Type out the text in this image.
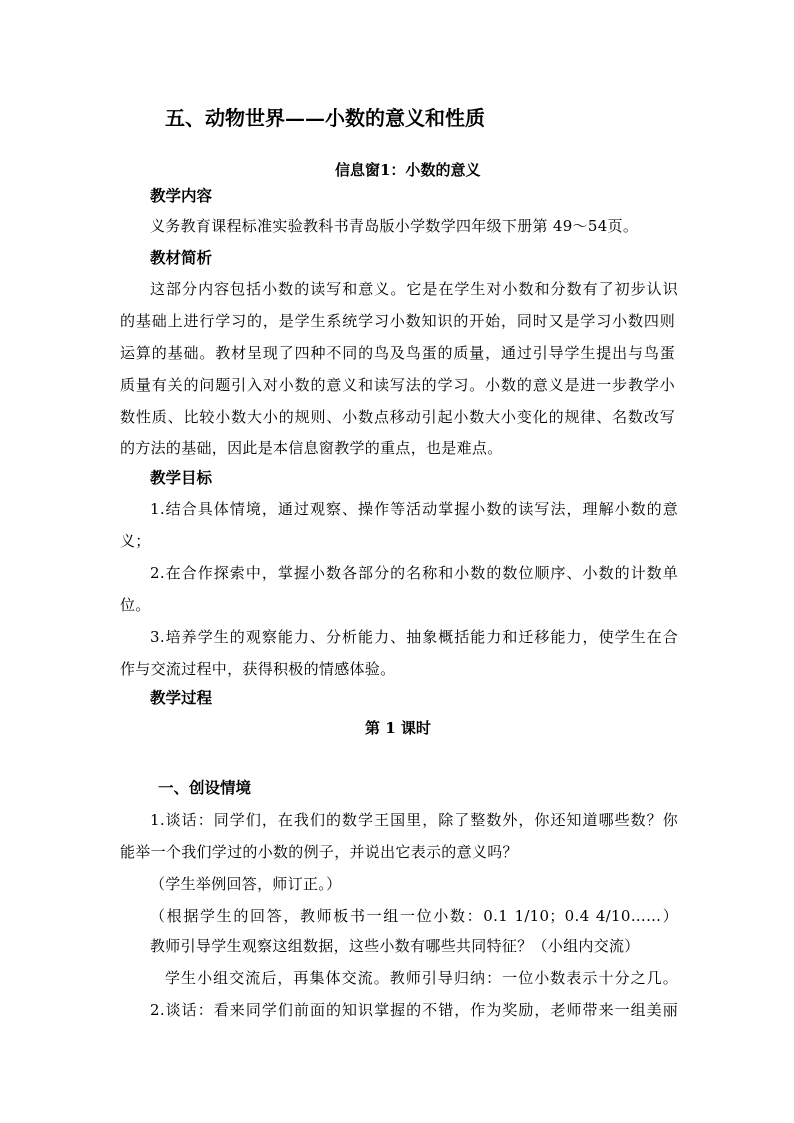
五、动物世界——小数的意义和性质
信息窗1：小数的意义
教学内容
义务教育课程标准实验教科书青岛版小学数学四年级下册第 49～54页。
教材简析
这部分内容包括小数的读写和意义。它是在学生对小数和分数有了初步认识
的基础上进行学习的，是学生系统学习小数知识的开始，同时又是学习小数四则
运算的基础。教材呈现了四种不同的鸟及鸟蛋的质量，通过引导学生提出与鸟蛋
质量有关的问题引入对小数的意义和读写法的学习。小数的意义是进一步教学小
数性质、比较小数大小的规则、小数点移动引起小数大小变化的规律、名数改写
的方法的基础，因此是本信息窗教学的重点，也是难点。
教学目标
1.结合具体情境，通过观察、操作等活动掌握小数的读写法，理解小数的意
义；
2.在合作探索中，掌握小数各部分的名称和小数的数位顺序、小数的计数单
位。
3.培养学生的观察能力、分析能力、抽象概括能力和迁移能力，使学生在合
作与交流过程中，获得积极的情感体验。
教学过程
第 1 课时
一、创设情境
1.谈话：同学们，在我们的数学王国里，除了整数外，你还知道哪些数？你
能举一个我们学过的小数的例子，并说出它表示的意义吗？
（学生举例回答，师订正。）
（根据学生的回答，教师板书一组一位小数：0.1 1/10；0.4 4/10……）
教师引导学生观察这组数据，这些小数有哪些共同特征？（小组内交流）
学生小组交流后，再集体交流。教师引导归纳：一位小数表示十分之几。
2.谈话：看来同学们前面的知识掌握的不错，作为奖励，老师带来一组美丽
